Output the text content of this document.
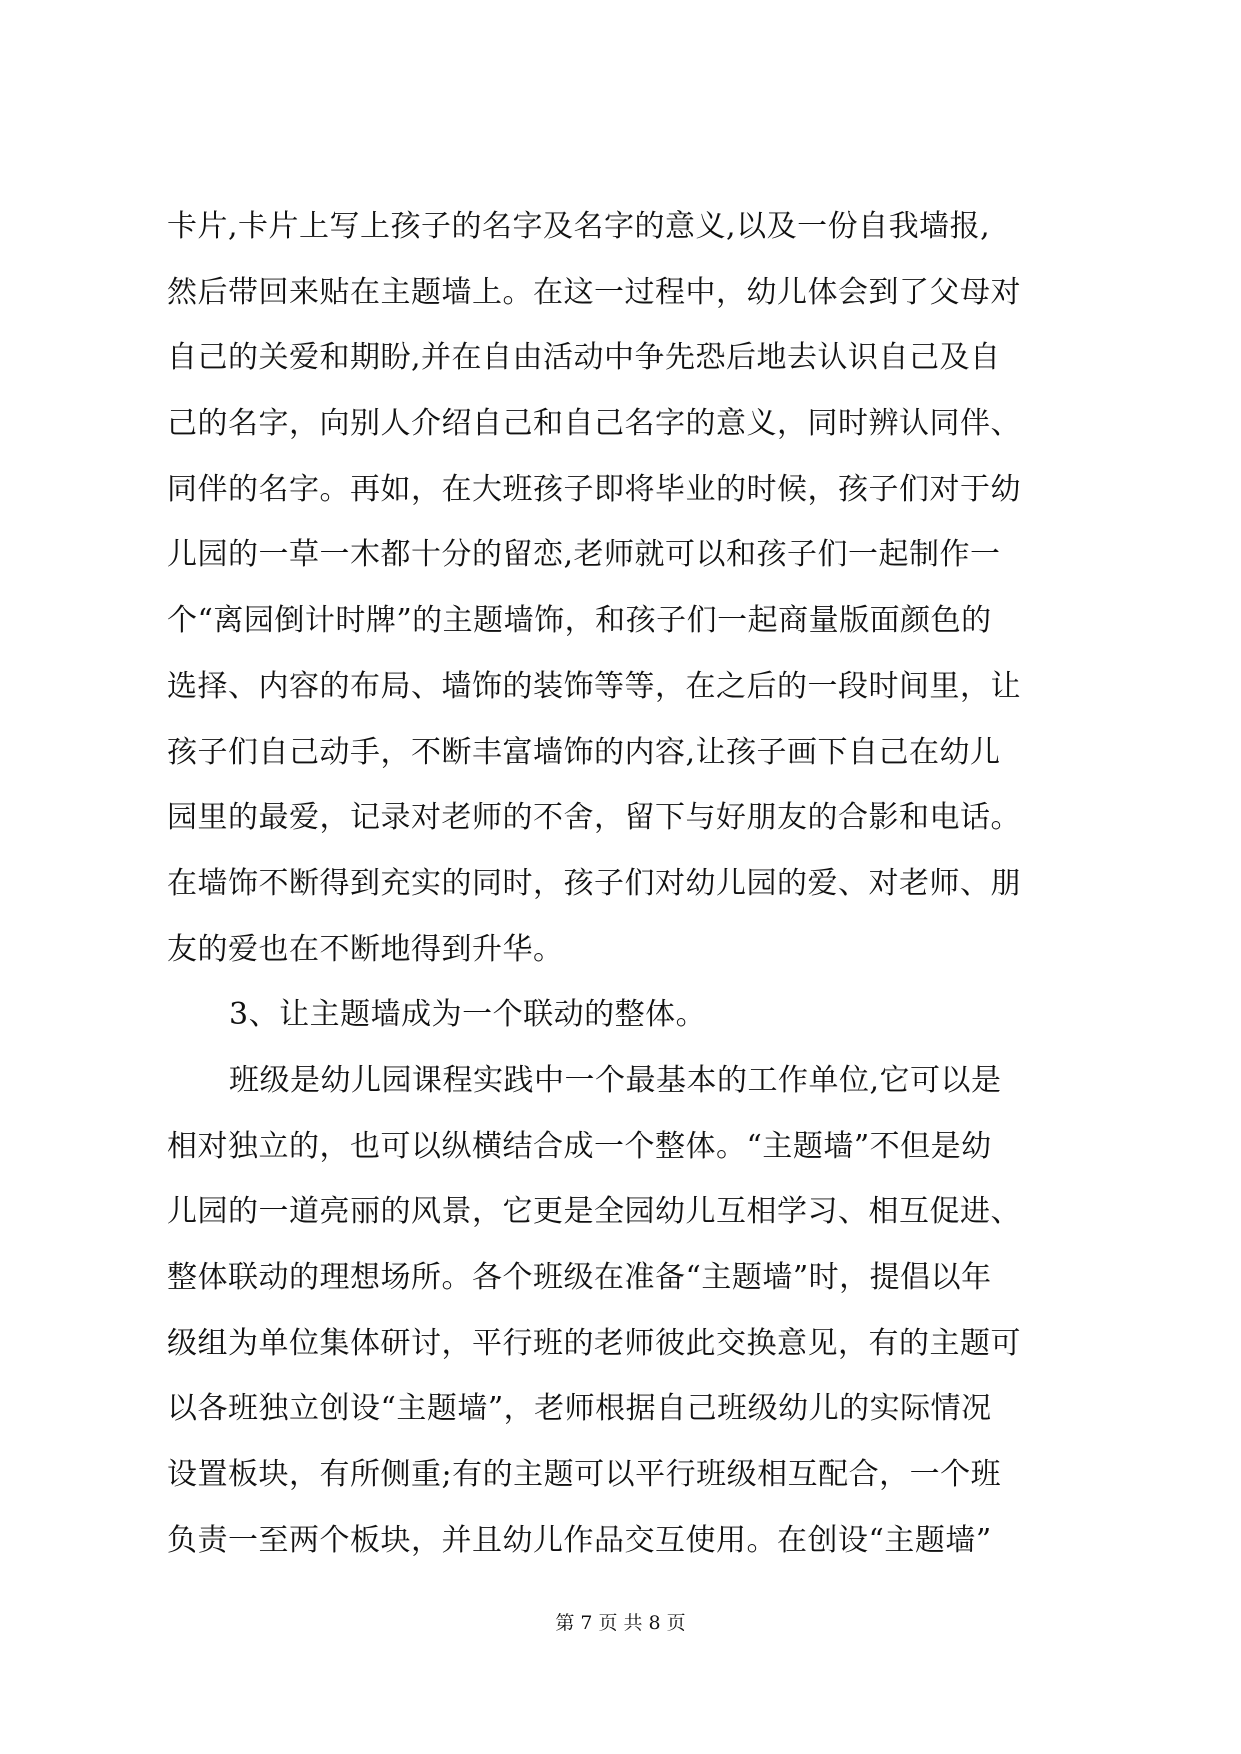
卡片,卡片上写上孩子的名字及名字的意义,以及一份自我墙报,
然后带回来贴在主题墙上。在这一过程中，幼儿体会到了父母对
自己的关爱和期盼,并在自由活动中争先恐后地去认识自己及自
己的名字，向别人介绍自己和自己名字的意义，同时辨认同伴、
同伴的名字。再如，在大班孩子即将毕业的时候，孩子们对于幼
儿园的一草一木都十分的留恋,老师就可以和孩子们一起制作一
个“离园倒计时牌”的主题墙饰，和孩子们一起商量版面颜色的
选择、内容的布局、墙饰的装饰等等，在之后的一段时间里，让
孩子们自己动手，不断丰富墙饰的内容,让孩子画下自己在幼儿
园里的最爱，记录对老师的不舍，留下与好朋友的合影和电话。
在墙饰不断得到充实的同时，孩子们对幼儿园的爱、对老师、朋
友的爱也在不断地得到升华。
3、让主题墙成为一个联动的整体。
班级是幼儿园课程实践中一个最基本的工作单位,它可以是
相对独立的，也可以纵横结合成一个整体。“主题墙”不但是幼
儿园的一道亮丽的风景，它更是全园幼儿互相学习、相互促进、
整体联动的理想场所。各个班级在准备“主题墙”时，提倡以年
级组为单位集体研讨，平行班的老师彼此交换意见，有的主题可
以各班独立创设“主题墙”，老师根据自己班级幼儿的实际情况
设置板块，有所侧重;有的主题可以平行班级相互配合，一个班
负责一至两个板块，并且幼儿作品交互使用。在创设“主题墙”
第 7 页 共 8 页
